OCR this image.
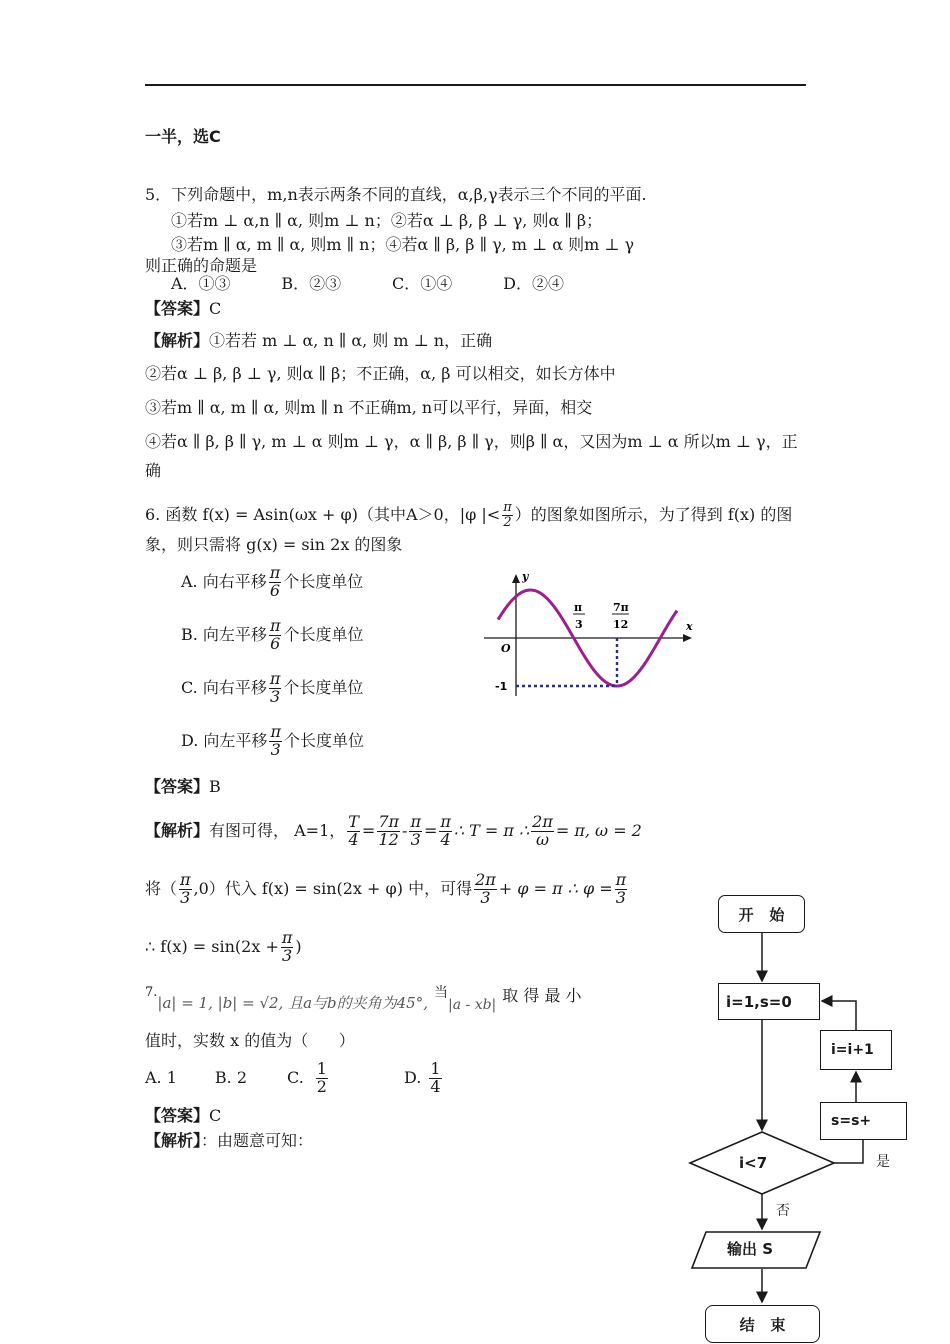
一半，选C
5．下列命题中，m,n表示两条不同的直线，α,β,γ表示三个不同的平面.
①若m ⊥ α,n ∥ α, 则m ⊥ n；②若α ⊥ β, β ⊥ γ, 则α ∥ β；
③若m ∥ α, m ∥ α, 则m ∥ n；④若α ∥ β, β ∥ γ, m ⊥ α 则m ⊥ γ
则正确的命题是
A．①③          B．②③          C．①④          D．②④
【答案】C
【解析】①若若 m ⊥ α, n ∥ α, 则 m ⊥ n，正确
②若α ⊥ β, β ⊥ γ, 则α ∥ β；不正确，α, β 可以相交，如长方体中
③若m ∥ α, m ∥ α, 则m ∥ n 不正确m, n可以平行，异面，相交
④若α ∥ β, β ∥ γ, m ⊥ α 则m ⊥ γ，α ∥ β, β ∥ γ，则β ∥ α，又因为m ⊥ α 所以m ⊥ γ，正
确
6. 函数 f(x) = Asin(ωx + φ)（其中A＞0，|φ |< $\frac{\pi}{2}$ ）的图象如图所示，为了得到 f(x) 的图
象，则只需将 g(x) = sin 2x 的图象
A. 向右平移 $\frac{\pi}{6}$ 个长度单位
B. 向左平移 $\frac{\pi}{6}$ 个长度单位
C. 向右平移 $\frac{\pi}{3}$ 个长度单位
D. 向左平移 $\frac{\pi}{3}$ 个长度单位
y
x
O
π
3
7π
12
-1
【答案】B
【解析】 有图可得， A=1， $\frac{T}{4} = \frac{7\pi}{12} - \frac{\pi}{3} = \frac{\pi}{4}$ ∴ T = π ∴ $\frac{2\pi}{\omega} = \pi$, ω = 2
将（ $\frac{\pi}{3} ,0$）代入 f(x) = sin(2x + φ) 中，可得 $\frac{2\pi}{3} + \varphi = \pi$ ∴ $\varphi = \frac{\pi}{3}$
∴ $f(x) = \sin(2x + \frac{\pi}{3}$ )
7.
|a| = 1, |b| = √2, 且a与b的夹角为45°,
当
|a - xb| 取 得 最 小
值时，实数 x 的值为（      ）
A. 1 B. 2	C. $\frac{1}{2}$	D. $\frac{1}{4}$
【答案】C
【解析】：由题意可知：
开   始
i=1,s=0
i=i+1
s=s+
i<7	是
否
输出 S
结   束
